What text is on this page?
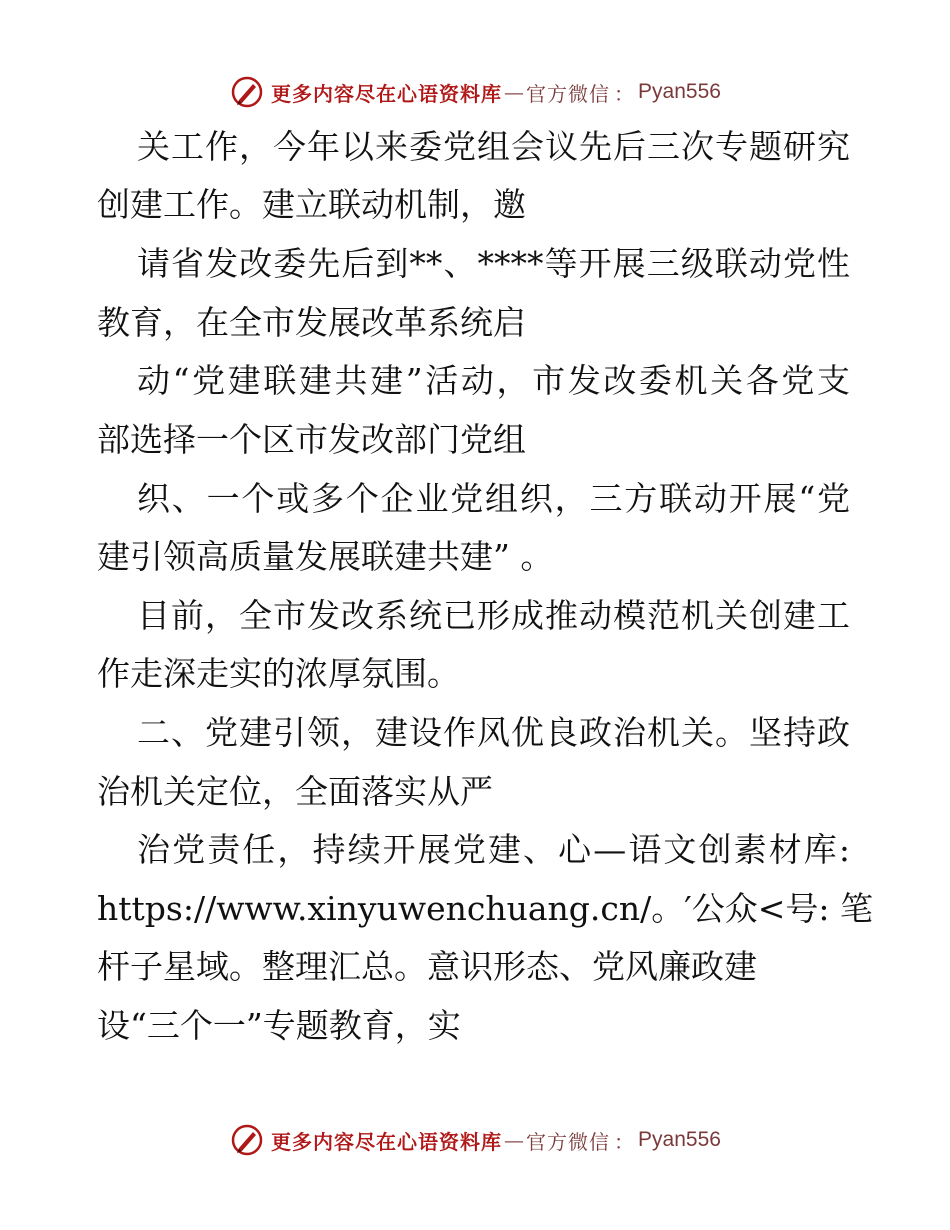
更多内容尽在心语资料库 — 官方微信 ： Pyan556
关工作，今年以来委党组会议先后三次专题研究
创建工作。建立联动机制，邀
请省发改委先后到**、****等开展三级联动党性
教育，在全市发展改革系统启
动“党建联建共建”活动，市发改委机关各党支
部选择一个区市发改部门党组
织、一个或多个企业党组织，三方联动开展“党
建引领高质量发展联建共建” 。
目前，全市发改系统已形成推动模范机关创建工
作走深走实的浓厚氛围。
二、党建引领，建设作风优良政治机关。坚持政
治机关定位，全面落实从严
治党责任，持续开展党建、心—语文创素材库:
https://www.xinyuwenchuang.cn/。′公众<号: 笔
杆子星域。整理汇总。意识形态、党风廉政建
设“三个一”专题教育，实
更多内容尽在心语资料库 — 官方微信 ： Pyan556
